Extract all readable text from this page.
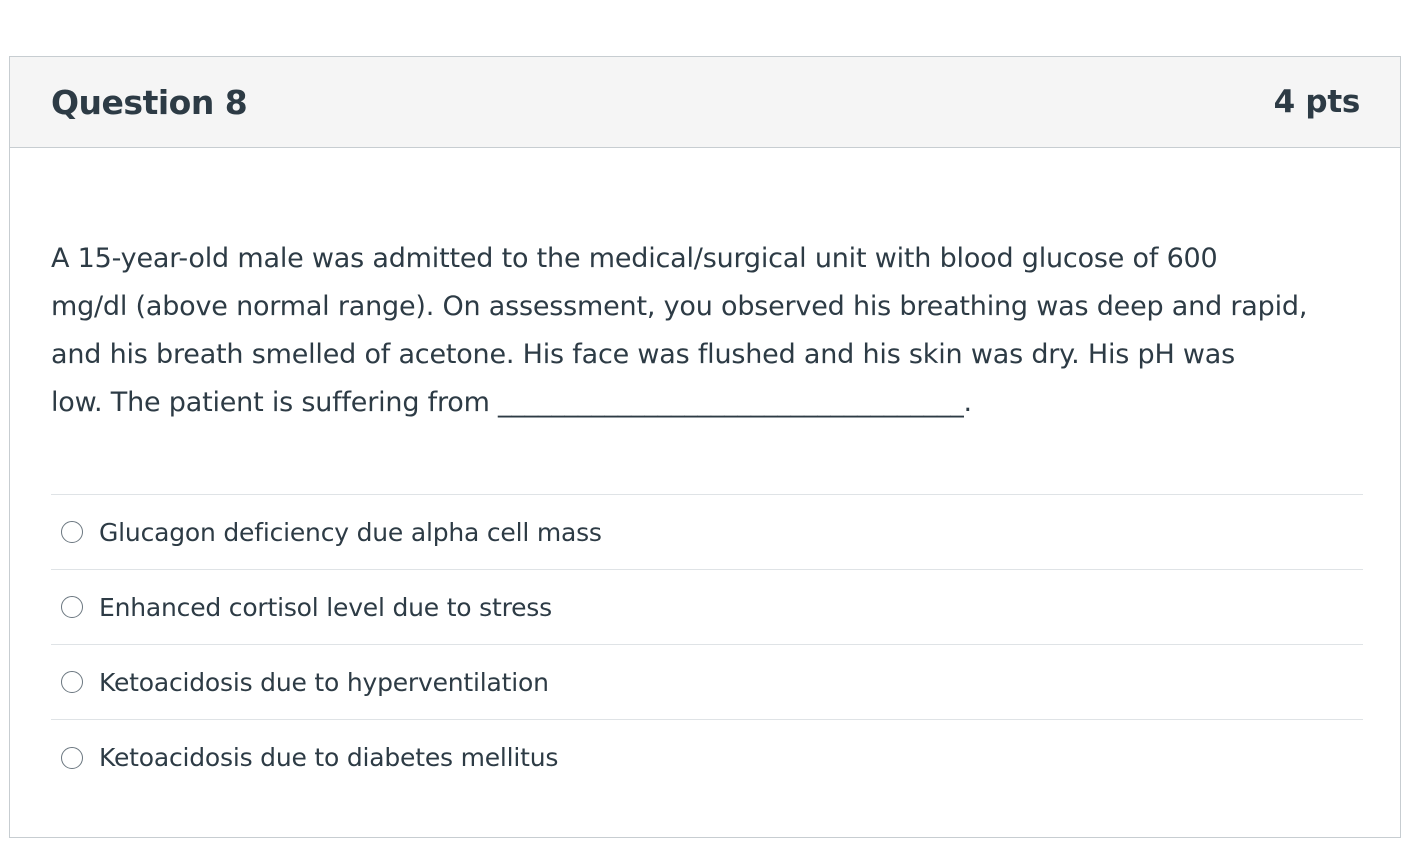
Question 8	4 pts

A 15-year-old male was admitted to the medical/surgical unit with blood glucose of 600
mg/dl (above normal range). On assessment, you observed his breathing was deep and rapid,
and his breath smelled of acetone. His face was flushed and his skin was dry. His pH was
low. The patient is suffering from ___________________________________.

Glucagon deficiency due alpha cell mass
Enhanced cortisol level due to stress
Ketoacidosis due to hyperventilation
Ketoacidosis due to diabetes mellitus
